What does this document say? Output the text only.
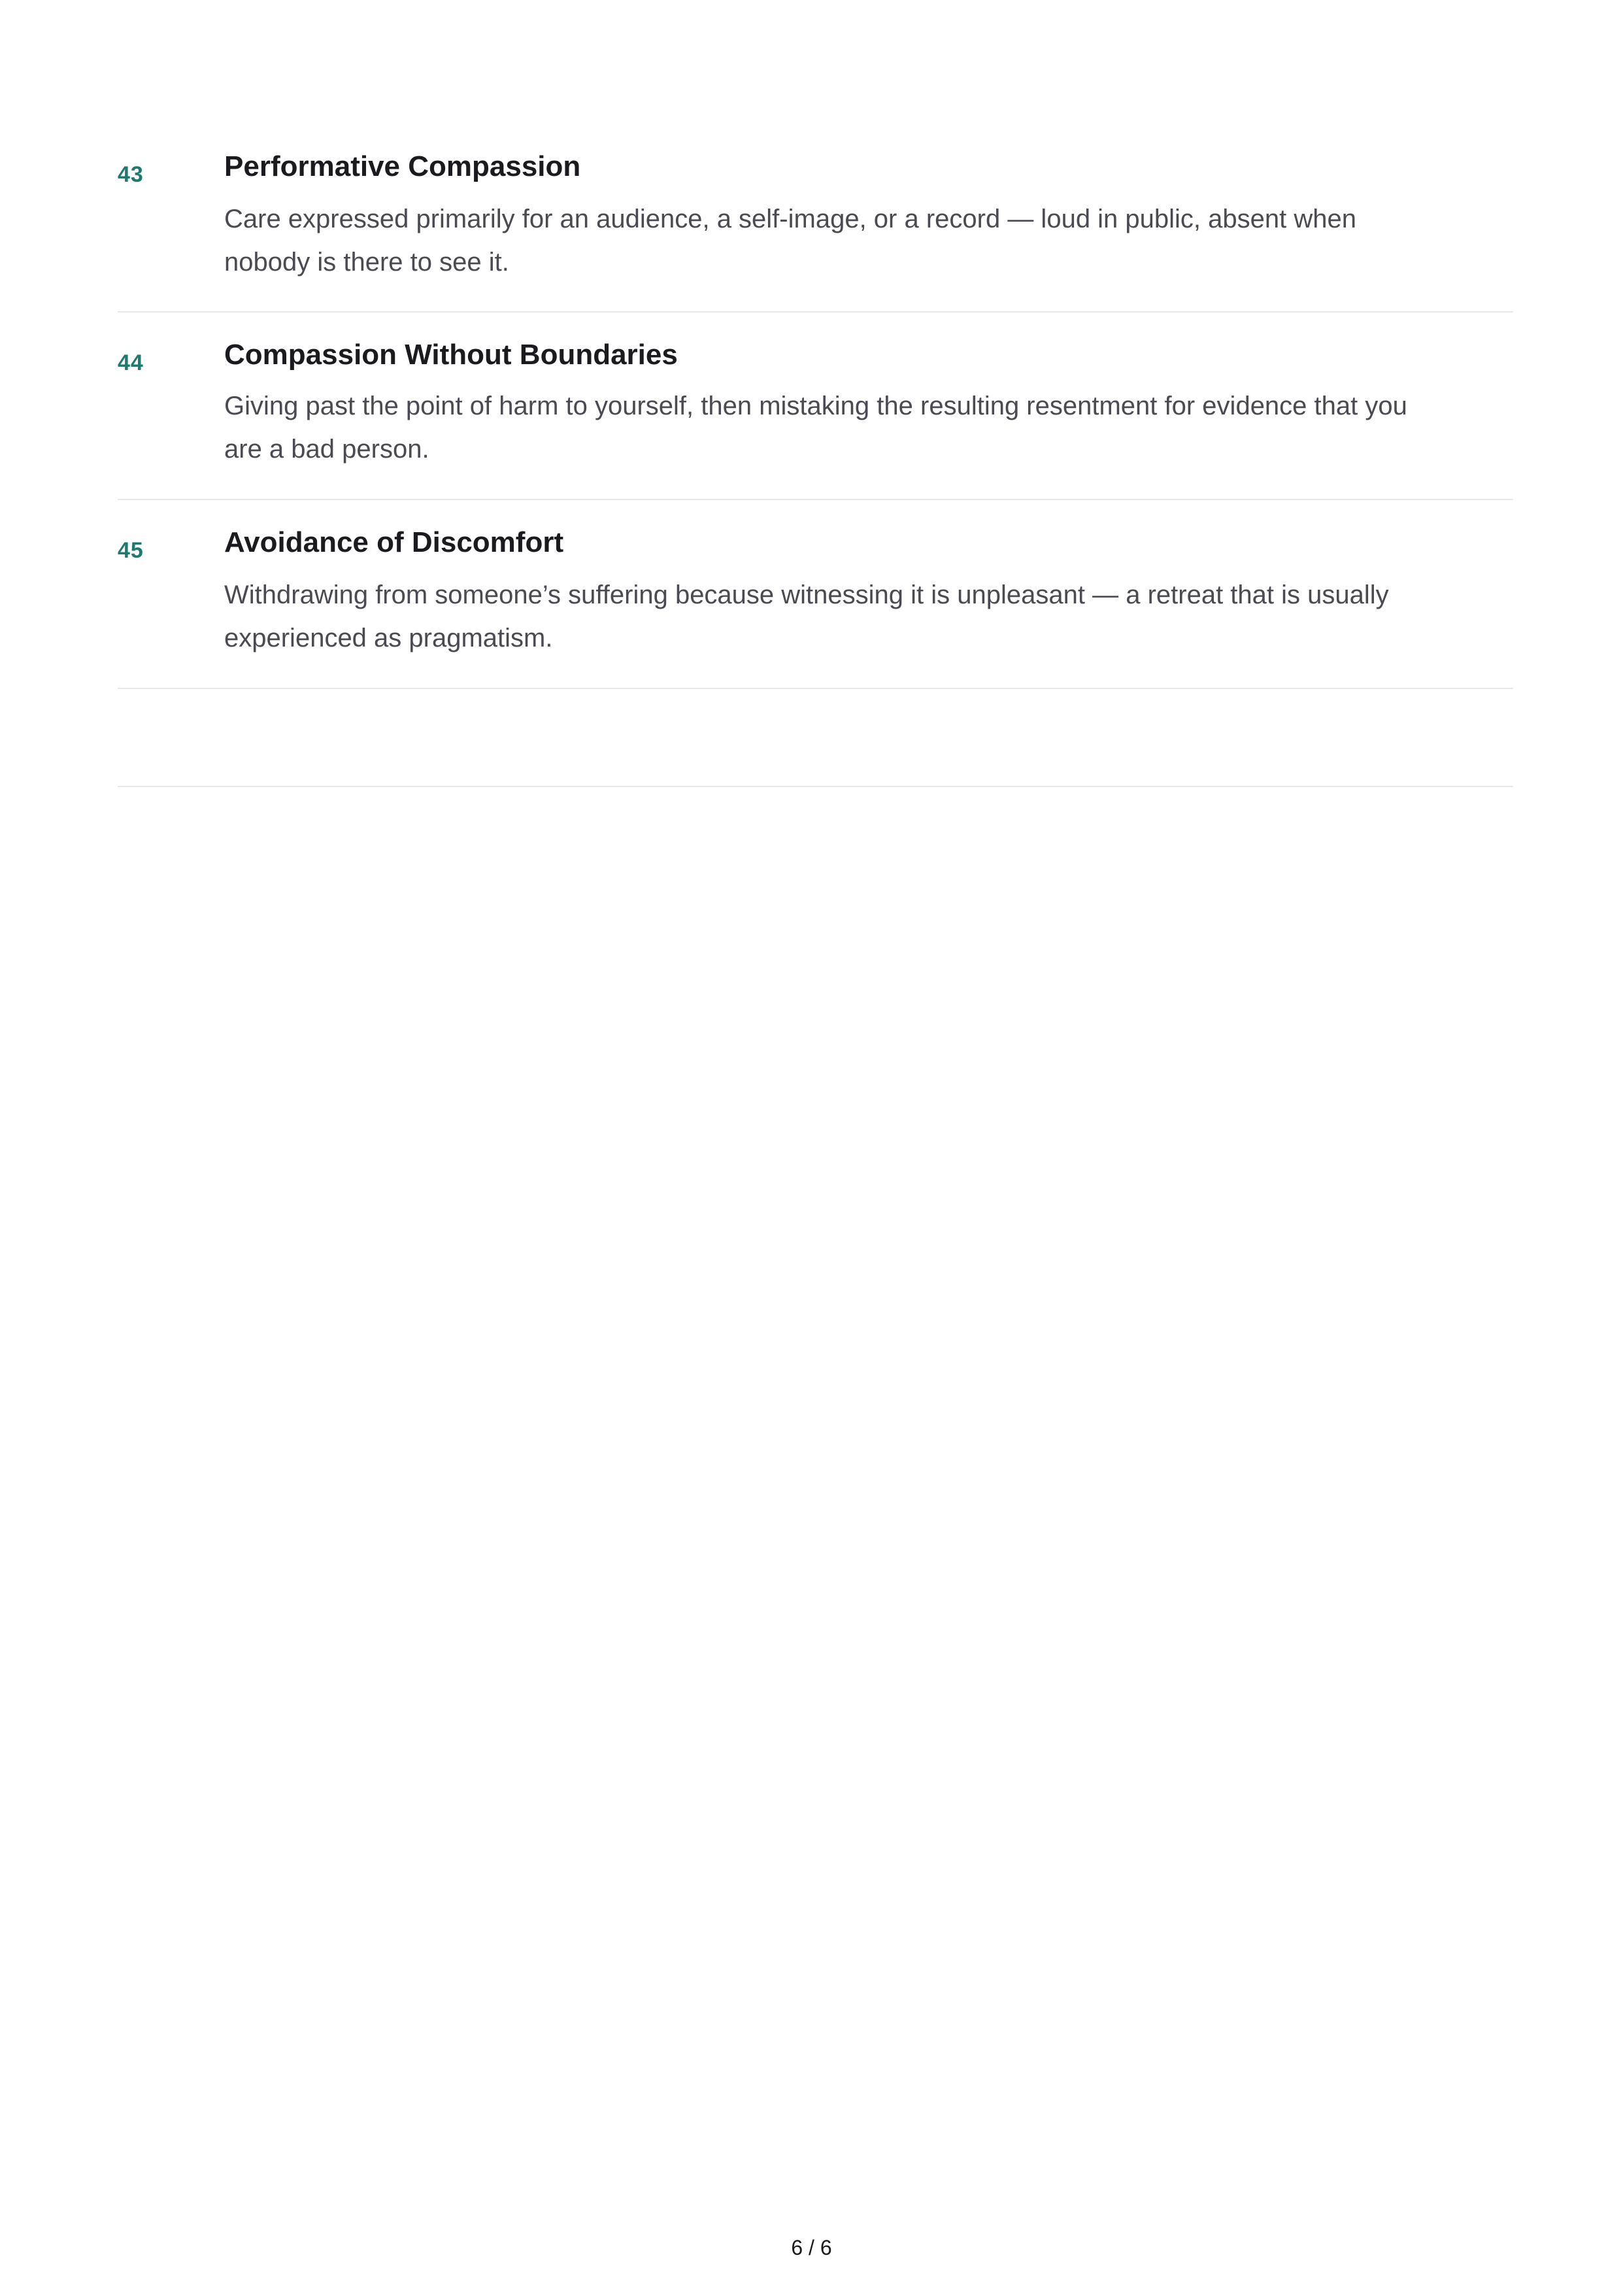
43	Performative Compassion
Care expressed primarily for an audience, a self-image, or a record — loud in public, absent when nobody is there to see it.
44	Compassion Without Boundaries
Giving past the point of harm to yourself, then mistaking the resulting resentment for evidence that you are a bad person.
45	Avoidance of Discomfort
Withdrawing from someone’s suffering because witnessing it is unpleasant — a retreat that is usually experienced as pragmatism.
6 / 6
